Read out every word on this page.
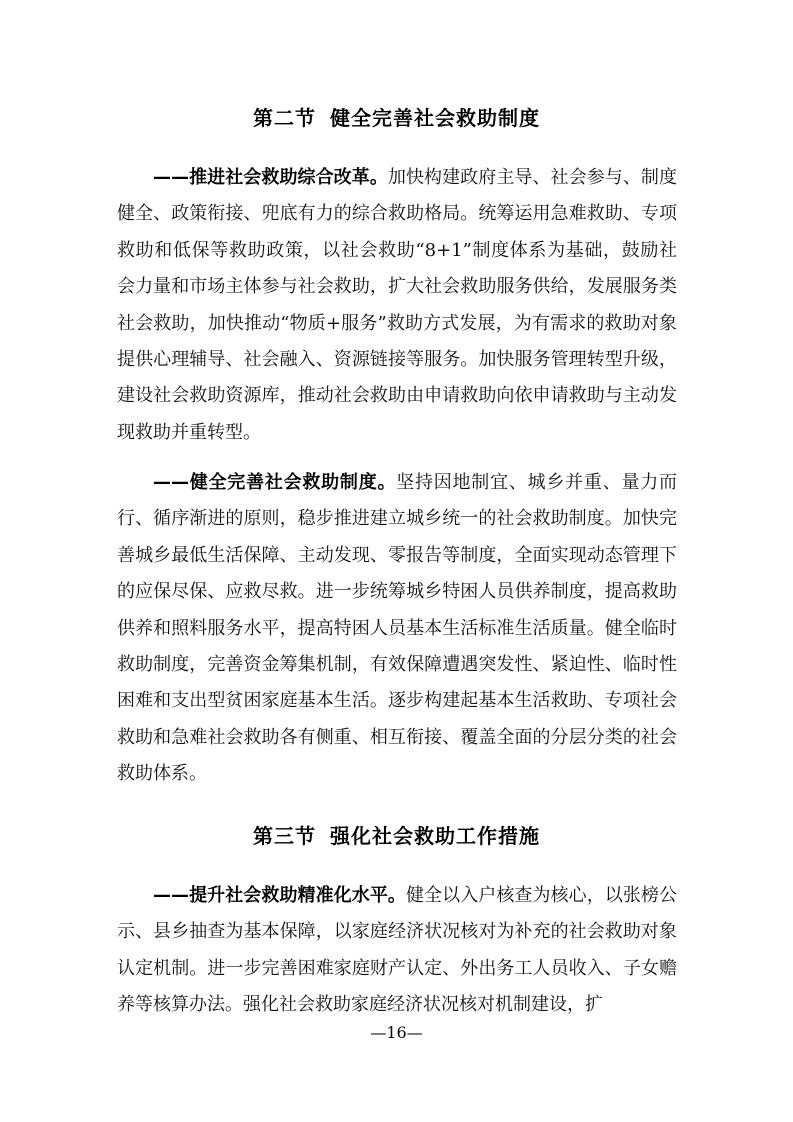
第二节 健全完善社会救助制度

——推进社会救助综合改革。加快构建政府主导、社会参与、制度健全、政策衔接、兜底有力的综合救助格局。统筹运用急难救助、专项救助和低保等救助政策，以社会救助“8+1”制度体系为基础，鼓励社会力量和市场主体参与社会救助，扩大社会救助服务供给，发展服务类社会救助，加快推动“物质+服务”救助方式发展，为有需求的救助对象提供心理辅导、社会融入、资源链接等服务。加快服务管理转型升级，建设社会救助资源库，推动社会救助由申请救助向依申请救助与主动发现救助并重转型。

——健全完善社会救助制度。坚持因地制宜、城乡并重、量力而行、循序渐进的原则，稳步推进建立城乡统一的社会救助制度。加快完善城乡最低生活保障、主动发现、零报告等制度，全面实现动态管理下的应保尽保、应救尽救。进一步统筹城乡特困人员供养制度，提高救助供养和照料服务水平，提高特困人员基本生活标准生活质量。健全临时救助制度，完善资金筹集机制，有效保障遭遇突发性、紧迫性、临时性困难和支出型贫困家庭基本生活。逐步构建起基本生活救助、专项社会救助和急难社会救助各有侧重、相互衔接、覆盖全面的分层分类的社会救助体系。

第三节 强化社会救助工作措施

——提升社会救助精准化水平。健全以入户核查为核心，以张榜公示、县乡抽查为基本保障，以家庭经济状况核对为补充的社会救助对象认定机制。进一步完善困难家庭财产认定、外出务工人员收入、子女赡养等核算办法。强化社会救助家庭经济状况核对机制建设，扩

—16—
